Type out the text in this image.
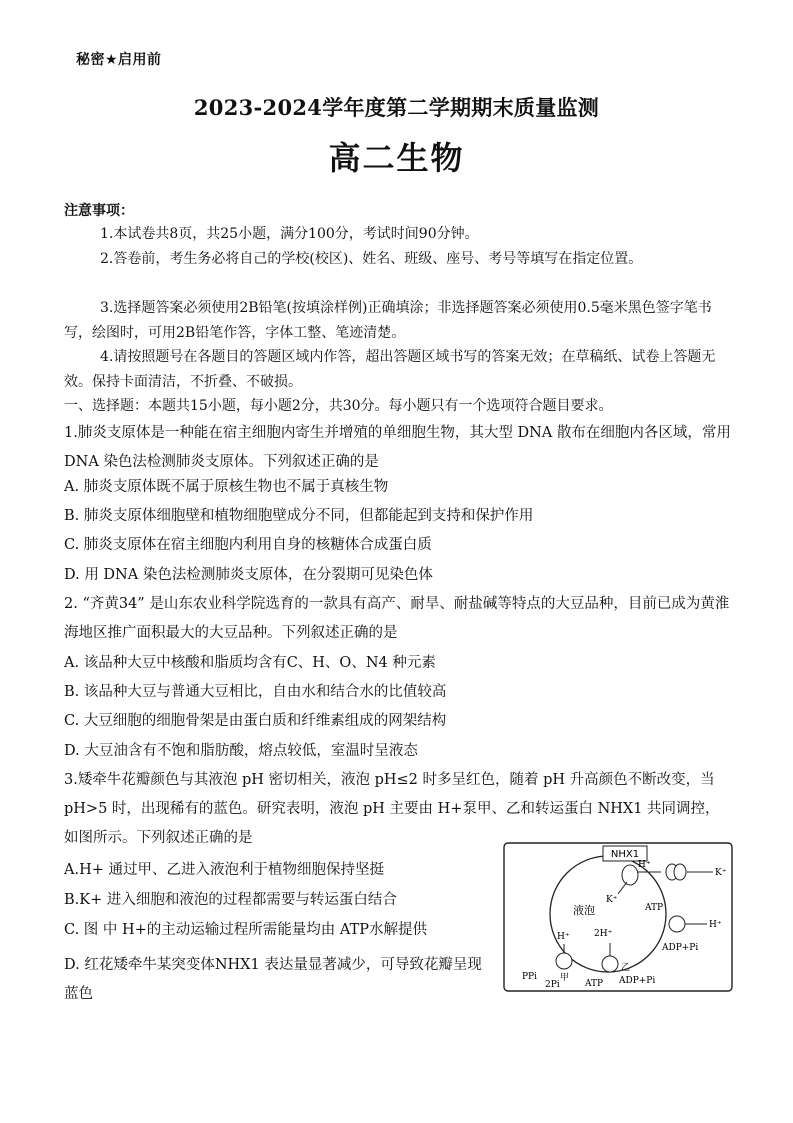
秘密★启用前
2023-2024学年度第二学期期末质量监测
高二生物
注意事项：

1.本试卷共8页，共25小题，满分100分，考试时间90分钟。

2.答卷前，考生务必将自己的学校(校区)、姓名、班级、座号、考号等填写在指定位置。

3.选择题答案必须使用2B铅笔(按填涂样例)正确填涂；非选择题答案必须使用0.5毫米黑色签字笔书写，绘图时，可用2B铅笔作答，字体工整、笔迹清楚。

4.请按照题号在各题目的答题区域内作答，超出答题区域书写的答案无效；在草稿纸、试卷上答题无效。保持卡面清洁，不折叠、不破损。

一、选择题：本题共15小题，每小题2分，共30分。每小题只有一个选项符合题目要求。

1.肺炎支原体是一种能在宿主细胞内寄生并增殖的单细胞生物，其大型 DNA 散布在细胞内各区域，常用 DNA 染色法检测肺炎支原体。下列叙述正确的是

A. 肺炎支原体既不属于原核生物也不属于真核生物
B. 肺炎支原体细胞壁和植物细胞壁成分不同，但都能起到支持和保护作用
C. 肺炎支原体在宿主细胞内利用自身的核糖体合成蛋白质
D. 用 DNA 染色法检测肺炎支原体，在分裂期可见染色体

2. “齐黄34” 是山东农业科学院选育的一款具有高产、耐旱、耐盐碱等特点的大豆品种，目前已成为黄淮海地区推广面积最大的大豆品种。下列叙述正确的是

A. 该品种大豆中核酸和脂质均含有C、H、O、N4 种元素
B. 该品种大豆与普通大豆相比，自由水和结合水的比值较高
C. 大豆细胞的细胞骨架是由蛋白质和纤维素组成的网架结构
D. 大豆油含有不饱和脂肪酸，熔点较低，室温时呈液态

3.矮牵牛花瓣颜色与其液泡 pH 密切相关，液泡 pH≤2 时多呈红色，随着 pH 升高颜色不断改变，当pH>5 时，出现稀有的蓝色。研究表明，液泡 pH 主要由 H+泵甲、乙和转运蛋白 NHX1 共同调控，如图所示。下列叙述正确的是

A.H+ 通过甲、乙进入液泡利于植物细胞保持坚挺
B.K+ 进入细胞和液泡的过程都需要与转运蛋白结合
C. 图 中 H+的主动运输过程所需能量均由 ATP水解提供

D. 红花矮牵牛某突变体NHX1 表达量显著减少，可导致花瓣呈现蓝色

NHX1
H⁺
K⁺
K⁺
液泡	ATP
H⁺
ADP+Pi
H⁺
甲
PPi
2Pi
2H⁺
乙
ATP ADP+Pi
